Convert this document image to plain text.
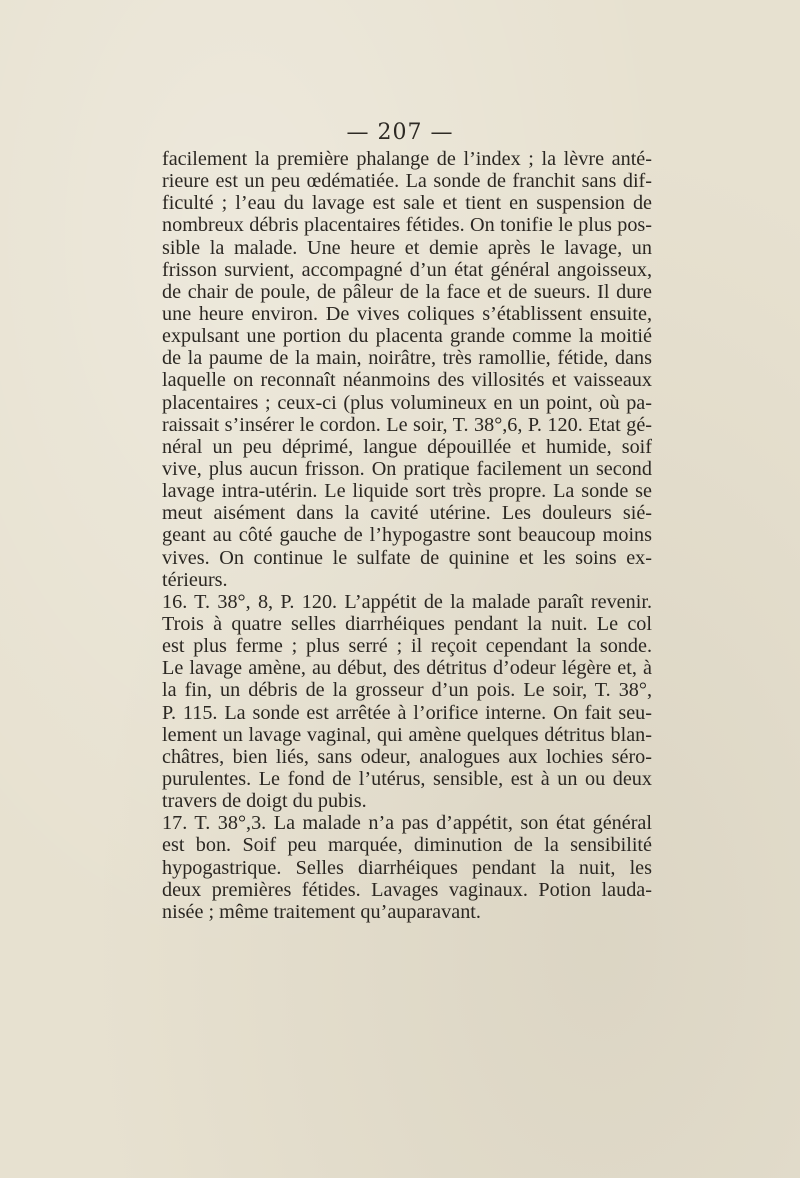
— 207 —
facilement la première phalange de l’index ; la lèvre anté-
rieure est un peu œdématiée. La sonde de franchit sans dif-
ficulté ; l’eau du lavage est sale et tient en suspension de
nombreux débris placentaires fétides. On tonifie le plus pos-
sible la malade. Une heure et demie après le lavage, un
frisson survient, accompagné d’un état général angoisseux,
de chair de poule, de pâleur de la face et de sueurs. Il dure
une heure environ. De vives coliques s’établissent ensuite,
expulsant une portion du placenta grande comme la moitié
de la paume de la main, noirâtre, très ramollie, fétide, dans
laquelle on reconnaît néanmoins des villosités et vaisseaux
placentaires ; ceux-ci (plus volumineux en un point, où pa-
raissait s’insérer le cordon. Le soir, T. 38°,6, P. 120. Etat gé-
néral un peu déprimé, langue dépouillée et humide, soif
vive, plus aucun frisson. On pratique facilement un second
lavage intra-utérin. Le liquide sort très propre. La sonde se
meut aisément dans la cavité utérine. Les douleurs sié-
geant au côté gauche de l’hypogastre sont beaucoup moins
vives. On continue le sulfate de quinine et les soins ex-
térieurs.
16. T. 38°, 8, P. 120. L’appétit de la malade paraît revenir.
Trois à quatre selles diarrhéiques pendant la nuit. Le col
est plus ferme ; plus serré ; il reçoit cependant la sonde.
Le lavage amène, au début, des détritus d’odeur légère et, à
la fin, un débris de la grosseur d’un pois. Le soir, T. 38°,
P. 115. La sonde est arrêtée à l’orifice interne. On fait seu-
lement un lavage vaginal, qui amène quelques détritus blan-
châtres, bien liés, sans odeur, analogues aux lochies séro-
purulentes. Le fond de l’utérus, sensible, est à un ou deux
travers de doigt du pubis.
17. T. 38°,3. La malade n’a pas d’appétit, son état général
est bon. Soif peu marquée, diminution de la sensibilité
hypogastrique. Selles diarrhéiques pendant la nuit, les
deux premières fétides. Lavages vaginaux. Potion lauda-
nisée ; même traitement qu’auparavant.
